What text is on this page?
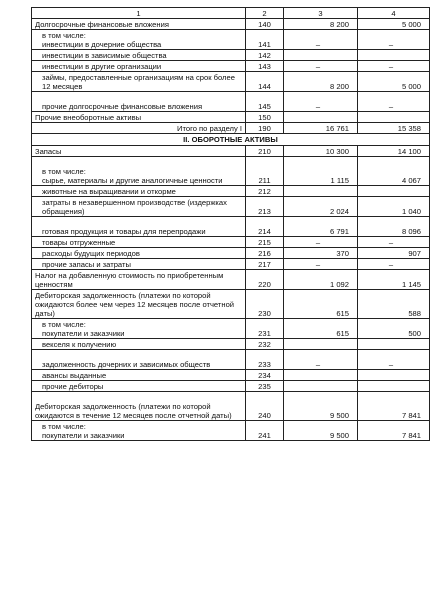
1	2	3	4
Долгосрочные финансовые вложения	140	8 200	5 000
в том числе:
инвестиции в дочерние общества	141	–	–
инвестиции в зависимые общества	142		
инвестиции в другие организации	143	–	–
займы, предоставленные организациям на срок более 12 месяцев	144	8 200	5 000
прочие долгосрочные финансовые вложения	145	–	–
Прочие внеоборотные активы	150		
Итого по разделу I	190	16 761	15 358
II. ОБОРОТНЫЕ АКТИВЫ			
Запасы	210	10 300	14 100
в том числе:
сырье, материалы и другие аналогичные ценности	211	1 115	4 067
животные на выращивании и откорме	212		
затраты в незавершенном производстве (издержках обращения)	213	2 024	1 040
готовая продукция и товары для перепродажи	214	6 791	8 096
товары отгруженные	215	–	–
расходы будущих периодов	216	370	907
прочие запасы и затраты	217	–	–
Налог на добавленную стоимость по приобретенным ценностям	220	1 092	1 145
Дебиторская задолженность (платежи по которой ожидаются более чем через 12 месяцев после отчетной даты)	230	615	588
в том числе:
покупатели и заказчики	231	615	500
векселя к получению	232		
задолженность дочерних и зависимых обществ	233	–	–
авансы выданные	234		
прочие дебиторы	235		
Дебиторская задолженность (платежи по которой ожидаются в течение 12 месяцев после отчетной даты)	240	9 500	7 841
в том числе:
покупатели и заказчики	241	9 500	7 841
